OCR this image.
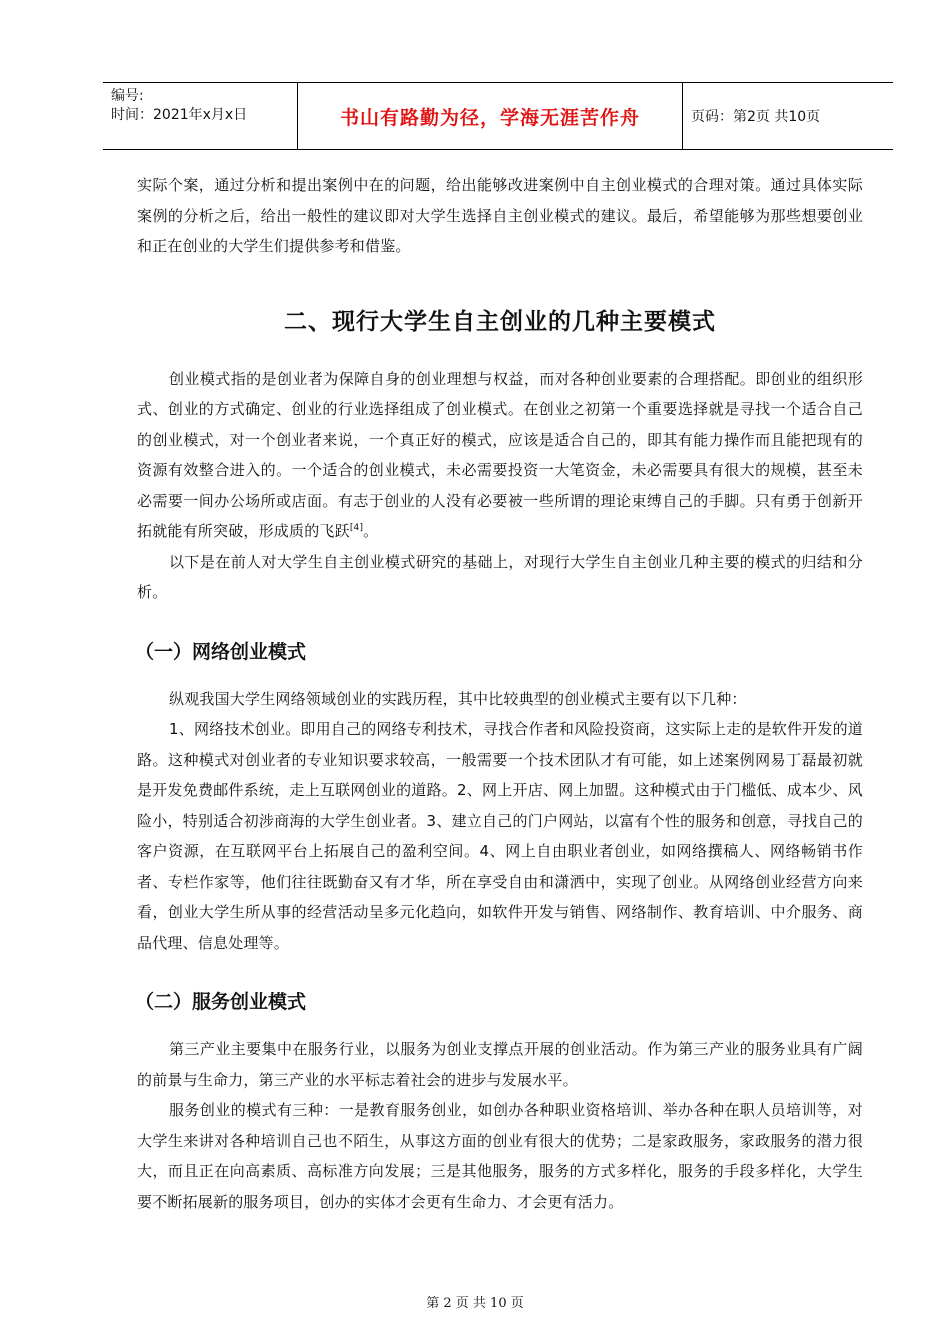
编号:
时间：2021年x月x日	书山有路勤为径，学海无涯苦作舟	页码：第2页 共10页

实际个案，通过分析和提出案例中在的问题，给出能够改进案例中自主创业模式的合理对策。通过具体实际案例的分析之后，给出一般性的建议即对大学生选择自主创业模式的建议。最后，希望能够为那些想要创业和正在创业的大学生们提供参考和借鉴。

二、现行大学生自主创业的几种主要模式

创业模式指的是创业者为保障自身的创业理想与权益，而对各种创业要素的合理搭配。即创业的组织形式、创业的方式确定、创业的行业选择组成了创业模式。在创业之初第一个重要选择就是寻找一个适合自己的创业模式，对一个创业者来说，一个真正好的模式，应该是适合自己的，即其有能力操作而且能把现有的资源有效整合进入的。一个适合的创业模式，未必需要投资一大笔资金，未必需要具有很大的规模，甚至未必需要一间办公场所或店面。有志于创业的人没有必要被一些所谓的理论束缚自己的手脚。只有勇于创新开拓就能有所突破，形成质的飞跃[4]。

以下是在前人对大学生自主创业模式研究的基础上，对现行大学生自主创业几种主要的模式的归结和分析。

（一）网络创业模式

纵观我国大学生网络领域创业的实践历程，其中比较典型的创业模式主要有以下几种：

1、网络技术创业。即用自己的网络专利技术，寻找合作者和风险投资商，这实际上走的是软件开发的道路。这种模式对创业者的专业知识要求较高，一般需要一个技术团队才有可能，如上述案例网易丁磊最初就是开发免费邮件系统，走上互联网创业的道路。2、网上开店、网上加盟。这种模式由于门槛低、成本少、风险小，特别适合初涉商海的大学生创业者。3、建立自己的门户网站，以富有个性的服务和创意，寻找自己的客户资源，在互联网平台上拓展自己的盈利空间。4、网上自由职业者创业，如网络撰稿人、网络畅销书作者、专栏作家等，他们往往既勤奋又有才华，所在享受自由和潇洒中，实现了创业。从网络创业经营方向来看，创业大学生所从事的经营活动呈多元化趋向，如软件开发与销售、网络制作、教育培训、中介服务、商品代理、信息处理等。

（二）服务创业模式

第三产业主要集中在服务行业，以服务为创业支撑点开展的创业活动。作为第三产业的服务业具有广阔的前景与生命力，第三产业的水平标志着社会的进步与发展水平。

服务创业的模式有三种：一是教育服务创业，如创办各种职业资格培训、举办各种在职人员培训等，对大学生来讲对各种培训自己也不陌生，从事这方面的创业有很大的优势；二是家政服务，家政服务的潜力很大，而且正在向高素质、高标准方向发展；三是其他服务，服务的方式多样化，服务的手段多样化，大学生要不断拓展新的服务项目，创办的实体才会更有生命力、才会更有活力。

第 2 页 共 10 页
